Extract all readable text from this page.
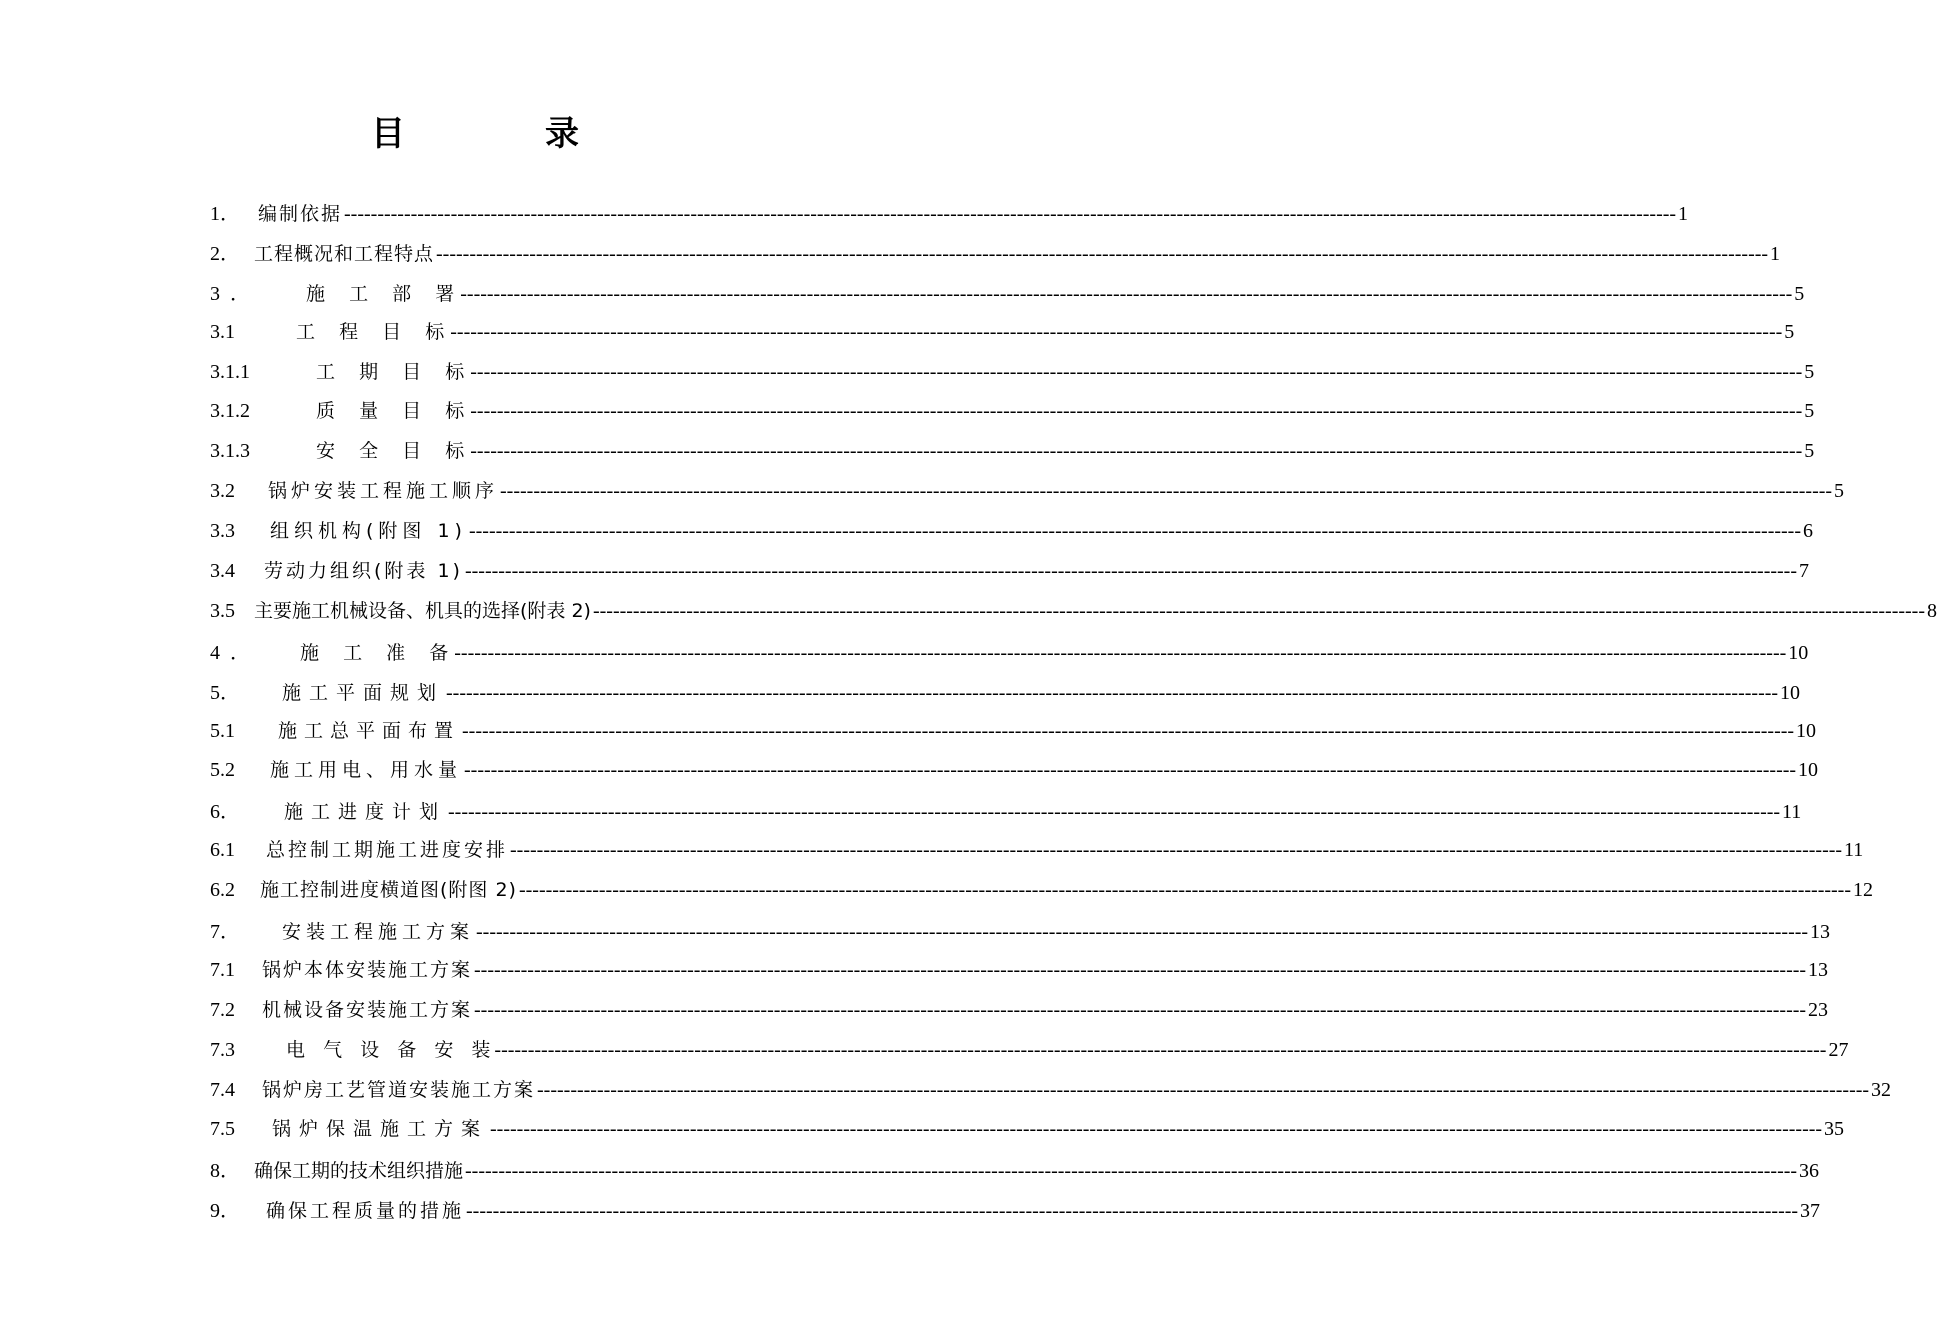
目	录
1． 编制依据 -------------------------------------------------------------------------------------------------------------------------------------------------------------------------------------------------------- 1
2． 工程概况和工程特点 -------------------------------------------------------------------------------------------------------------------------------------------------------------------------------------------------------- 1
3  ．	施  工  部  署 -------------------------------------------------------------------------------------------------------------------------------------------------------------------------------------------------------- 5
3.1	工  程  目  标 -------------------------------------------------------------------------------------------------------------------------------------------------------------------------------------------------------- 5
3.1.1	工  期  目  标 -------------------------------------------------------------------------------------------------------------------------------------------------------------------------------------------------------- 5
3.1.2	质  量  目  标 -------------------------------------------------------------------------------------------------------------------------------------------------------------------------------------------------------- 5
3.1.3	安  全  目  标 -------------------------------------------------------------------------------------------------------------------------------------------------------------------------------------------------------- 5
3.2	锅炉安装工程施工顺序 -------------------------------------------------------------------------------------------------------------------------------------------------------------------------------------------------------- 5
3.3	组织机构(附图 1) -------------------------------------------------------------------------------------------------------------------------------------------------------------------------------------------------------- 6
3.4	劳动力组织(附表 1) -------------------------------------------------------------------------------------------------------------------------------------------------------------------------------------------------------- 7
3.5	主要施工机械设备、机具的选择(附表 2) -------------------------------------------------------------------------------------------------------------------------------------------------------------------------------------------------------- 8
4  ．	施  工  准  备 -------------------------------------------------------------------------------------------------------------------------------------------------------------------------------------------------------- 10
5．	施工平面规划 -------------------------------------------------------------------------------------------------------------------------------------------------------------------------------------------------------- 10
5.1	施工总平面布置 -------------------------------------------------------------------------------------------------------------------------------------------------------------------------------------------------------- 10
5.2	施工用电、用水量 -------------------------------------------------------------------------------------------------------------------------------------------------------------------------------------------------------- 10
6．	施工进度计划 -------------------------------------------------------------------------------------------------------------------------------------------------------------------------------------------------------- 11
6.1	总控制工期施工进度安排 -------------------------------------------------------------------------------------------------------------------------------------------------------------------------------------------------------- 11
6.2	施工控制进度横道图(附图 2) -------------------------------------------------------------------------------------------------------------------------------------------------------------------------------------------------------- 12
7．	安装工程施工方案 -------------------------------------------------------------------------------------------------------------------------------------------------------------------------------------------------------- 13
7.1	锅炉本体安装施工方案 -------------------------------------------------------------------------------------------------------------------------------------------------------------------------------------------------------- 13
7.2	机械设备安装施工方案 -------------------------------------------------------------------------------------------------------------------------------------------------------------------------------------------------------- 23
7.3	电  气  设  备  安  装 -------------------------------------------------------------------------------------------------------------------------------------------------------------------------------------------------------- 27
7.4	锅炉房工艺管道安装施工方案 -------------------------------------------------------------------------------------------------------------------------------------------------------------------------------------------------------- 32
7.5	锅炉保温施工方案 -------------------------------------------------------------------------------------------------------------------------------------------------------------------------------------------------------- 35
8． 确保工期的技术组织措施 -------------------------------------------------------------------------------------------------------------------------------------------------------------------------------------------------------- 36
9．	确保工程质量的措施 -------------------------------------------------------------------------------------------------------------------------------------------------------------------------------------------------------- 37
